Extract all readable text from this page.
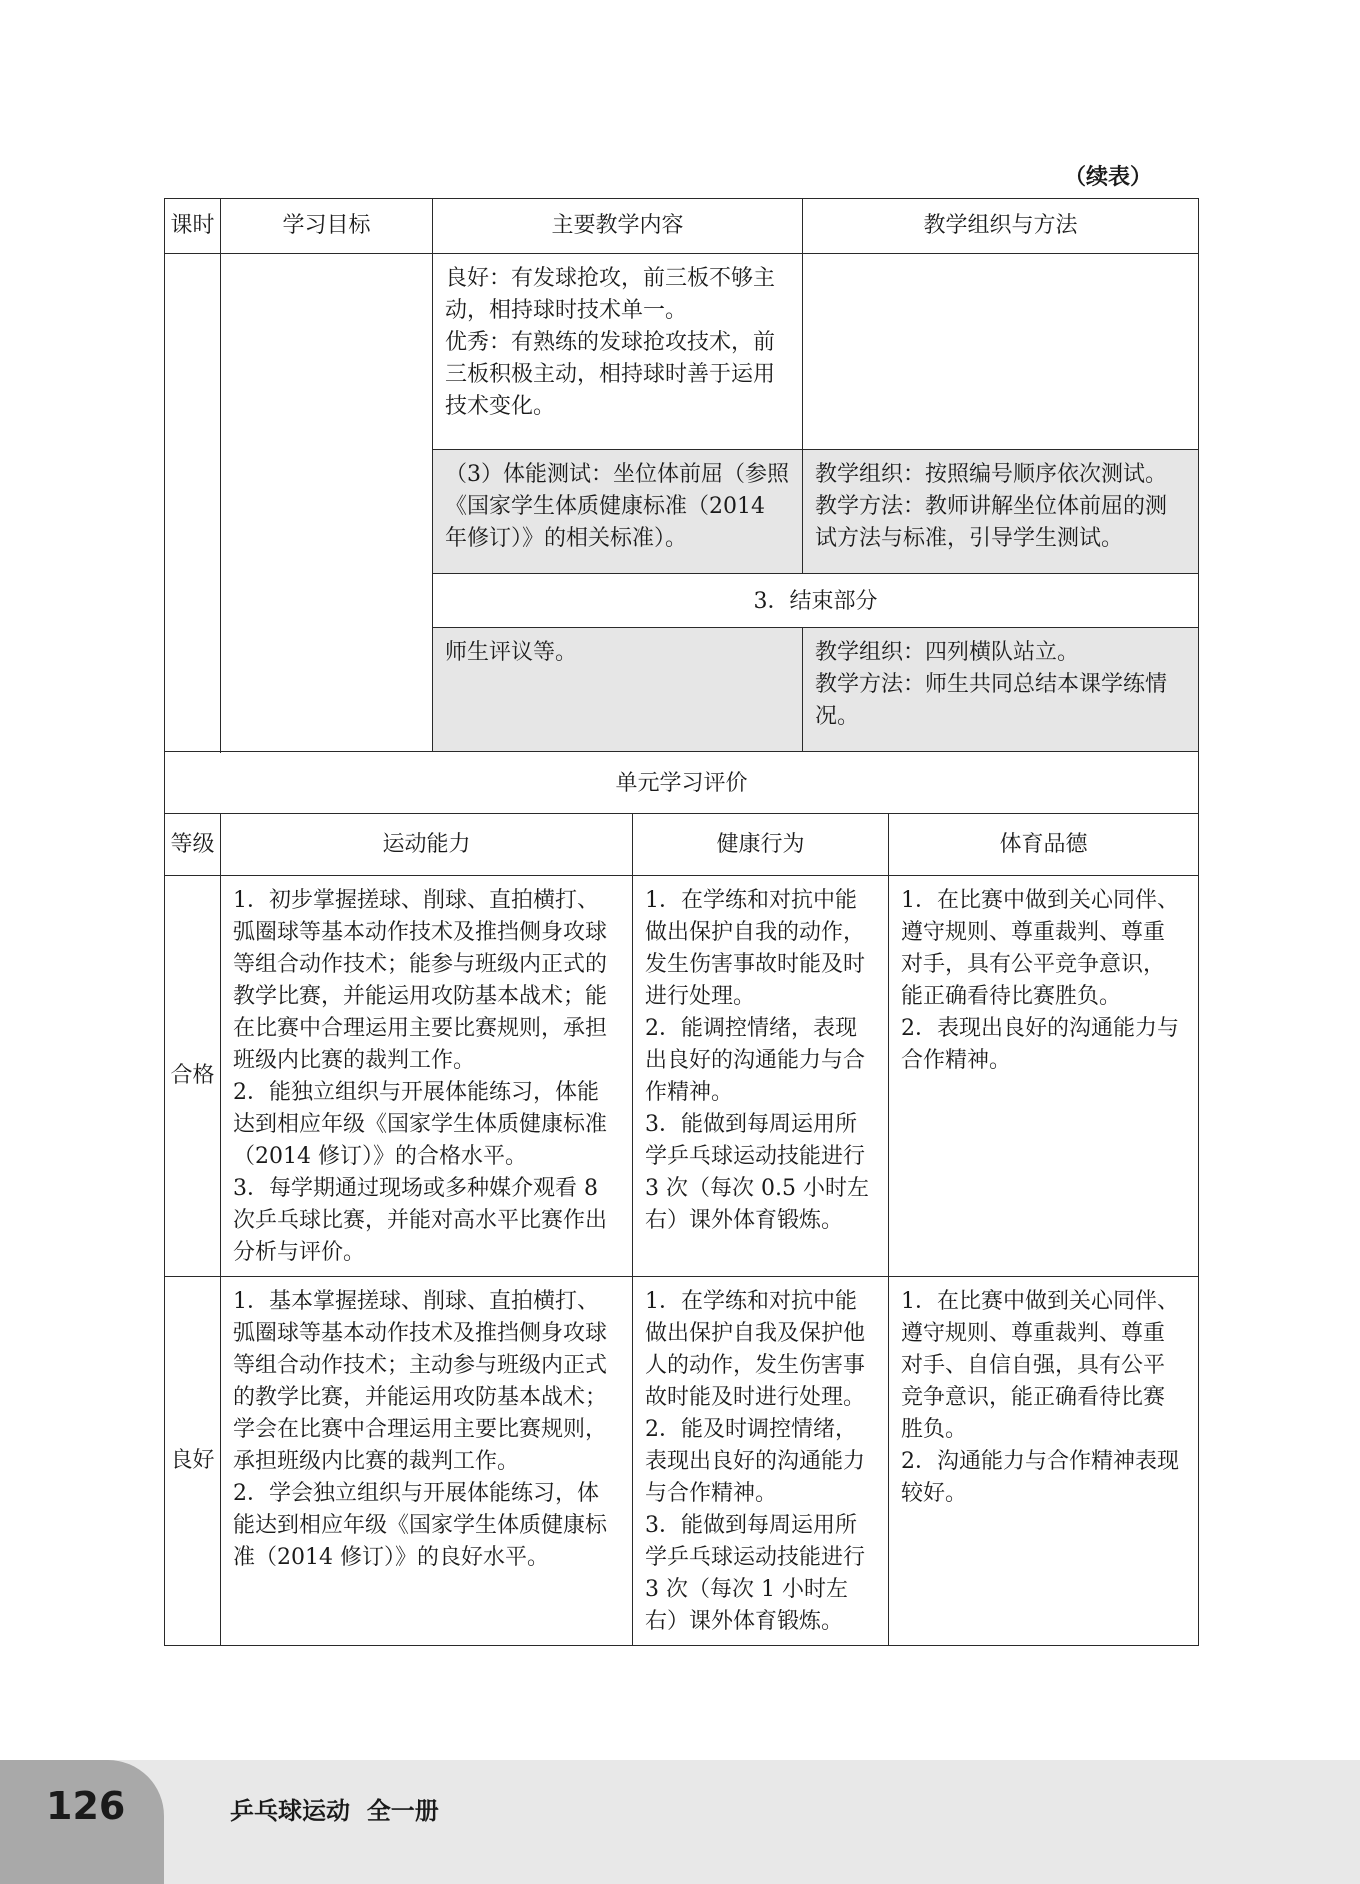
（续表）
课时	学习目标	主要教学内容		教学组织与方法	

		良好：有发球抢攻，前三板不够主动，相持球时技术单一。
优秀：有熟练的发球抢攻技术，前三板积极主动，相持球时善于运用技术变化。			

		（3）体能测试：坐位体前屈（参照《国家学生体质健康标准（2014 年修订）》的相关标准）。		教学组织：按照编号顺序依次测试。
教学方法：教师讲解坐位体前屈的测试方法与标准，引导学生测试。	

		3．结束部分			
		师生评议等。		教学组织：四列横队站立。
教学方法：师生共同总结本课学练情况。	

单元学习评价					
等级	运动能力		健康行为		体育品德
合格	1．初步掌握搓球、削球、直拍横打、弧圈球等基本动作技术及推挡侧身攻球等组合动作技术；能参与班级内正式的教学比赛，并能运用攻防基本战术；能在比赛中合理运用主要比赛规则，承担班级内比赛的裁判工作。
2．能独立组织与开展体能练习，体能达到相应年级《国家学生体质健康标准（2014 修订）》的合格水平。
3．每学期通过现场或多种媒介观看 8 次乒乓球比赛，并能对高水平比赛作出分析与评价。		1．在学练和对抗中能做出保护自我的动作，发生伤害事故时能及时进行处理。
2．能调控情绪，表现出良好的沟通能力与合作精神。
3．能做到每周运用所学乒乓球运动技能进行 3 次（每次 0.5 小时左右）课外体育锻炼。		1．在比赛中做到关心同伴、遵守规则、尊重裁判、尊重对手，具有公平竞争意识，能正确看待比赛胜负。
2．表现出良好的沟通能力与合作精神。

良好	1．基本掌握搓球、削球、直拍横打、弧圈球等基本动作技术及推挡侧身攻球等组合动作技术；主动参与班级内正式的教学比赛，并能运用攻防基本战术；学会在比赛中合理运用主要比赛规则，承担班级内比赛的裁判工作。
2．学会独立组织与开展体能练习，体能达到相应年级《国家学生体质健康标准（2014 修订）》的良好水平。		1．在学练和对抗中能做出保护自我及保护他人的动作，发生伤害事故时能及时进行处理。
2．能及时调控情绪，表现出良好的沟通能力与合作精神。
3．能做到每周运用所学乒乓球运动技能进行 3 次（每次 1 小时左右）课外体育锻炼。		1．在比赛中做到关心同伴、遵守规则、尊重裁判、尊重对手、自信自强，具有公平竞争意识，能正确看待比赛胜负。
2．沟通能力与合作精神表现较好。
126	乒乓球运动  全一册
